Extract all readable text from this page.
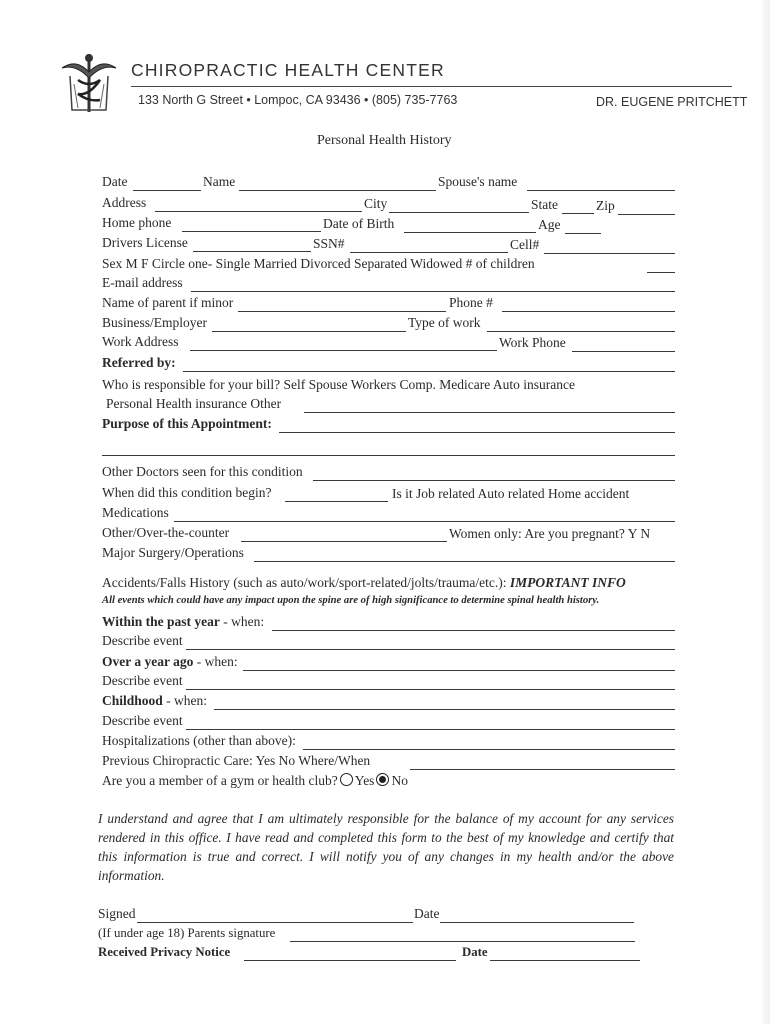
CHIROPRACTIC HEALTH CENTER
133 North G Street • Lompoc, CA 93436 • (805) 735-7763	DR. EUGENE PRITCHETT
Personal Health History
Date	Name	Spouse's name
Address	City	State	Zip
Home phone	Date of Birth	Age
Drivers License	SSN#	Cell#
Sex M F Circle one- Single Married Divorced Separated Widowed # of children
E-mail address
Name of parent if minor	Phone #
Business/Employer	Type of work
Work Address	Work Phone
Referred by:
Who is responsible for your bill? Self Spouse Workers Comp. Medicare Auto insurance
Personal Health insurance Other
Purpose of this Appointment:
Other Doctors seen for this condition
When did this condition begin?	Is it Job related Auto related Home accident
Medications
Other/Over-the-counter	Women only: Are you pregnant? Y N
Major Surgery/Operations
Accidents/Falls History (such as auto/work/sport-related/jolts/trauma/etc.): IMPORTANT INFO
All events which could have any impact upon the spine are of high significance to determine spinal health history.
Within the past year - when:
Describe event
Over a year ago - when:
Describe event
Childhood - when:
Describe event
Hospitalizations (other than above):
Previous Chiropractic Care: Yes No Where/When
Are you a member of a gym or health club? Yes No
I understand and agree that I am ultimately responsible for the balance of my account for any services rendered in this office. I have read and completed this form to the best of my knowledge and certify that this information is true and correct. I will notify you of any changes in my health and/or the above information.
Signed	Date
(If under age 18) Parents signature
Received Privacy Notice	Date
